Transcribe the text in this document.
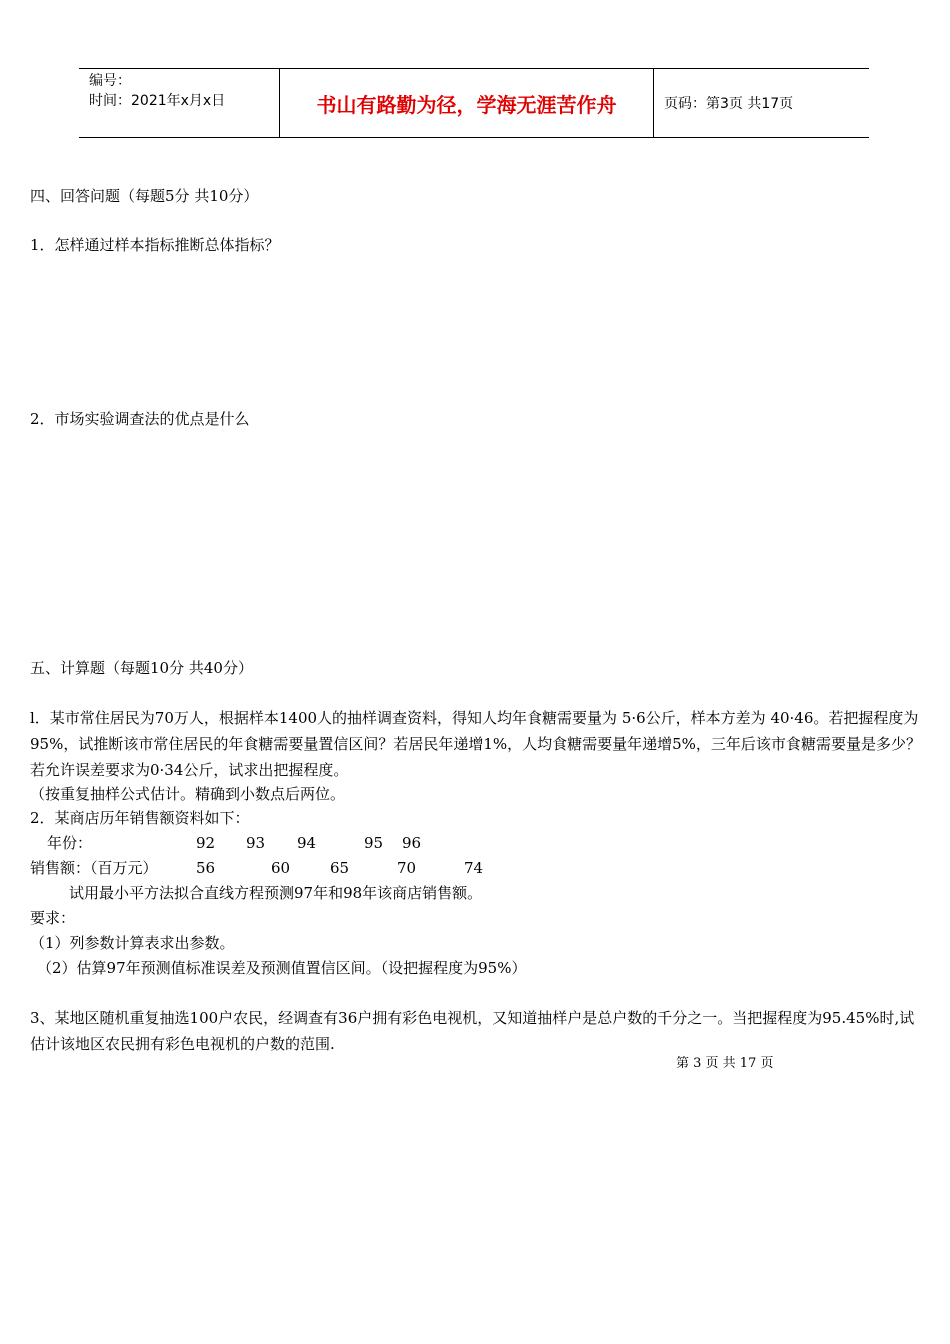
编号：
时间：2021年x月x日	书山有路勤为径，学海无涯苦作舟	页码：第3页 共17页
四、回答问题（每题5分 共10分）
1．怎样通过样本指标推断总体指标？
2．市场实验调查法的优点是什么
五、计算题（每题10分 共40分）
l．某市常住居民为70万人，根据样本1400人的抽样调查资料，得知人均年食糖需要量为 5·6公斤，样本方差为 40·46。若把握程度为95%，试推断该市常住居民的年食糖需要量置信区间？若居民年递增1%，人均食糖需要量年递增5%，三年后该市食糖需要量是多少？若允许误差要求为0·34公斤，试求出把握程度。
（按重复抽样公式估计。精确到小数点后两位。
2．某商店历年销售额资料如下：
年份：	92 93 94	95 96
销售额：（百万元）	56	60	65	70	74
试用最小平方法拟合直线方程预测97年和98年该商店销售额。
要求：
（1）列参数计算表求出参数。
（2）估算97年预测值标准误差及预测值置信区间。（设把握程度为95%）
3、某地区随机重复抽选100户农民，经调查有36户拥有彩色电视机，又知道抽样户是总户数的千分之一。当把握程度为95.45%时,试估计该地区农民拥有彩色电视机的户数的范围.
第 3 页 共 17 页
